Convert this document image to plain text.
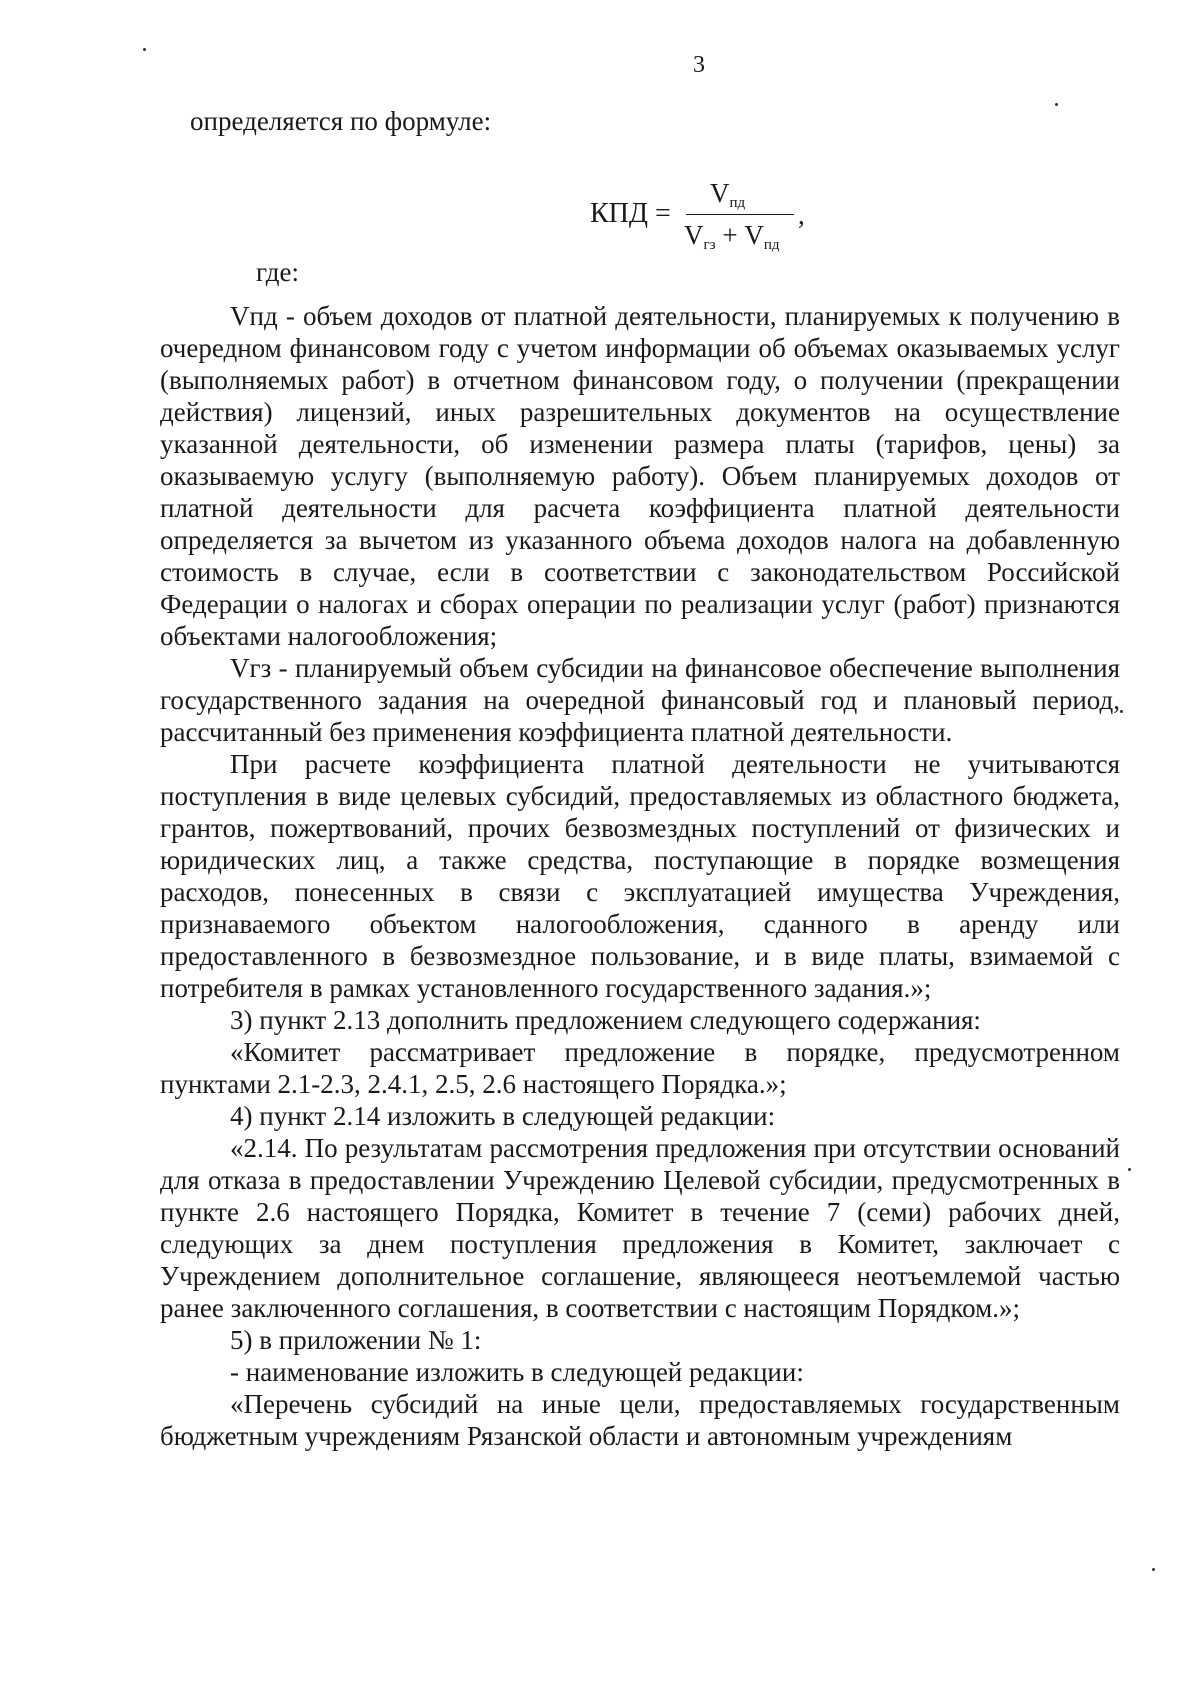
3
определяется по формуле:
КПД =
Vпд
Vгз + Vпд
,
где:

Vпд - объем доходов от платной деятельности, планируемых к получению в очередном финансовом году с учетом информации об объемах оказываемых услуг (выполняемых работ) в отчетном финансовом году, о получении (прекращении действия) лицензий, иных разрешительных документов на осуществление указанной деятельности, об изменении размера платы (тарифов, цены) за оказываемую услугу (выполняемую работу). Объем планируемых доходов от платной деятельности для расчета коэффициента платной деятельности определяется за вычетом из указанного объема доходов налога на добавленную стоимость в случае, если в соответствии с законодательством Российской Федерации о налогах и сборах операции по реализации услуг (работ) признаются объектами налогообложения;

Vгз - планируемый объем субсидии на финансовое обеспечение выполнения государственного задания на очередной финансовый год и плановый период, рассчитанный без применения коэффициента платной деятельности.

При расчете коэффициента платной деятельности не учитываются поступления в виде целевых субсидий, предоставляемых из областного бюджета, грантов, пожертвований, прочих безвозмездных поступлений от физических и юридических лиц, а также средства, поступающие в порядке возмещения расходов, понесенных в связи с эксплуатацией имущества Учреждения, признаваемого объектом налогообложения, сданного в аренду или предоставленного в безвозмездное пользование, и в виде платы, взимаемой с потребителя в рамках установленного государственного задания.»;

3) пункт 2.13 дополнить предложением следующего содержания:

«Комитет рассматривает предложение в порядке, предусмотренном пунктами 2.1-2.3, 2.4.1, 2.5, 2.6 настоящего Порядка.»;

4) пункт 2.14 изложить в следующей редакции:

«2.14. По результатам рассмотрения предложения при отсутствии оснований для отказа в предоставлении Учреждению Целевой субсидии, предусмотренных в пункте 2.6 настоящего Порядка, Комитет в течение 7 (семи) рабочих дней, следующих за днем поступления предложения в Комитет, заключает с Учреждением дополнительное соглашение, являющееся неотъемлемой частью ранее заключенного соглашения, в соответствии с настоящим Порядком.»;

5) в приложении № 1:

- наименование изложить в следующей редакции:

«Перечень субсидий на иные цели, предоставляемых государственным бюджетным учреждениям Рязанской области и автономным учреждениям
